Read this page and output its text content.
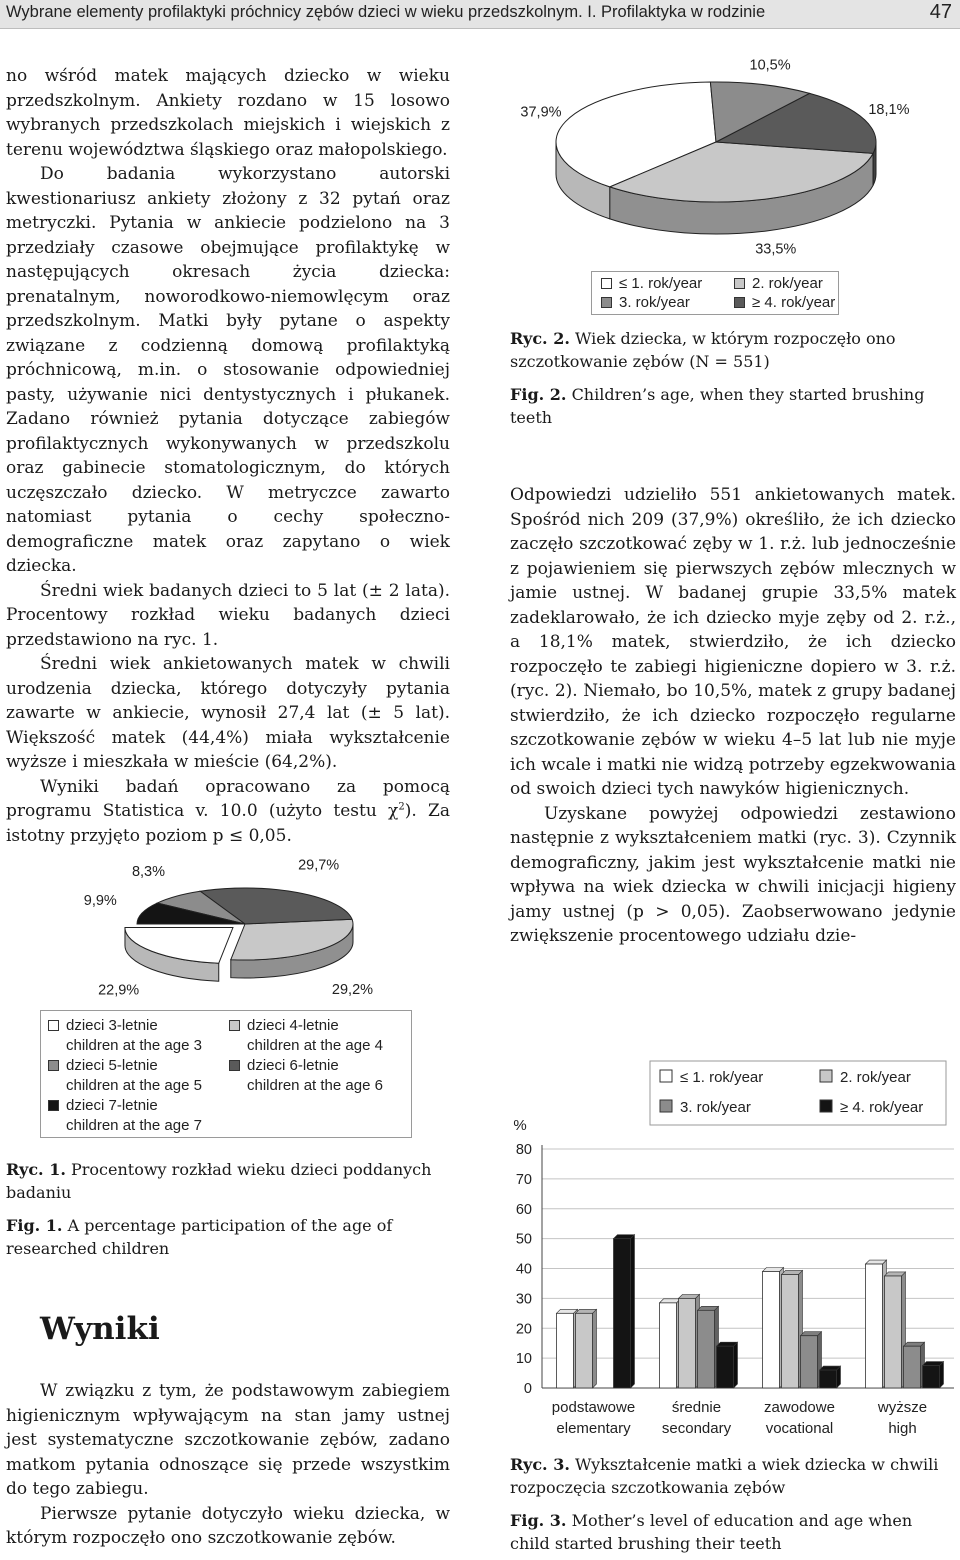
Wybrane elementy profilaktyki próchnicy zębów dzieci w wieku przedszkolnym. I. Profilaktyka w rodzinie	47

no wśród matek mających dziecko w wieku przedszkolnym. Ankiety rozdano w 15 losowo wybranych przedszkolach miejskich i wiejskich z terenu województwa śląskiego oraz małopolskiego.

Do badania wykorzystano autorski kwestionariusz ankiety złożony z 32 pytań oraz metryczki. Pytania w ankiecie podzielono na 3 przedziały czasowe obejmujące profilaktykę w następujących okresach życia dziecka: prenatalnym, noworodkowo-niemowlęcym oraz przedszkolnym. Matki były pytane o aspekty związane z codzienną domową profilaktyką próchnicową, m.in. o stosowanie odpowiedniej pasty, używanie nici dentystycznych i płukanek. Zadano również pytania dotyczące zabiegów profilaktycznych wykonywanych w przedszkolu oraz gabinecie stomatologicznym, do których uczęszczało dziecko. W metryczce zawarto natomiast pytania o cechy społeczno-demograficzne matek oraz zapytano o wiek dziecka.

Średni wiek badanych dzieci to 5 lat (± 2 lata). Procentowy rozkład wieku badanych dzieci przedstawiono na ryc. 1.

Średni wiek ankietowanych matek w chwili urodzenia dziecka, którego dotyczyły pytania zawarte w ankiecie, wynosił 27,4 lat (± 5 lat). Większość matek (44,4%) miała wykształcenie wyższe i mieszkała w mieście (64,2%).

Wyniki badań opracowano za pomocą programu Statistica v. 10.0 (użyto testu $\chi^2$). Za istotny przyjęto poziom p ≤ 0,05.

22,9%	29,2%
29,7%
8,3%
9,9%
dzieci 3-letnie
children at the age 3
dzieci 4-letnie
children at the age 4
dzieci 5-letnie
children at the age 5
dzieci 6-letnie
children at the age 6
dzieci 7-letnie
children at the age 7
Ryc. 1. Procentowy rozkład wieku dzieci poddanych badaniu
Fig. 1. A percentage participation of the age of researched children
Wyniki

W związku z tym, że podstawowym zabiegiem higienicznym wpływającym na stan jamy ustnej jest systematyczne szczotkowanie zębów, zadano matkom pytania odnoszące się przede wszystkim do tego zabiegu.

Pierwsze pytanie dotyczyło wieku dziecka, w którym rozpoczęło ono szczotkowanie zębów.

37,9%
33,5%
18,1%
10,5%
≤ 1. rok/year	2. rok/year
3. rok/year	≥ 4. rok/year
Ryc. 2. Wiek dziecka, w którym rozpoczęło ono szczotkowanie zębów (N = 551)
Fig. 2. Children’s age, when they started brushing teeth

Odpowiedzi udzieliło 551 ankietowanych matek. Spośród nich 209 (37,9%) określiło, że ich dziecko zaczęło szczotkować zęby w 1. r.ż. lub jednocześnie z pojawieniem się pierwszych zębów mlecznych w jamie ustnej. W badanej grupie 33,5% matek zadeklarowało, że ich dziecko myje zęby od 2. r.ż., a 18,1% matek, stwierdziło, że ich dziecko rozpoczęło te zabiegi higieniczne dopiero w 3. r.ż. (ryc. 2). Niemało, bo 10,5%, matek z grupy badanej stwierdziło, że ich dziecko rozpoczęło regularne szczotkowanie zębów w wieku 4–5 lat lub nie myje ich wcale i matki nie widzą potrzeby egzekwowania od swoich dzieci tych nawyków higienicznych.

Uzyskane powyżej odpowiedzi zestawiono następnie z wykształceniem matki (ryc. 3). Czynnik demograficzny, jakim jest wykształcenie matki nie wpływa na wiek dziecka w chwili inicjacji higieny jamy ustnej (p > 0,05). Zaobserwowano jedynie zwiększenie procentowego udziału dzie-

≤ 1. rok/year	2. rok/year
3. rok/year	≥ 4. rok/year
%
0
10
20
30
40
50
60
70
80
podstawowe
elementary
średnie
secondary
zawodowe
vocational
wyższe
high
Ryc. 3. Wykształcenie matki a wiek dziecka w chwili rozpoczęcia szczotkowania zębów
Fig. 3. Mother’s level of education and age when child started brushing their teeth
